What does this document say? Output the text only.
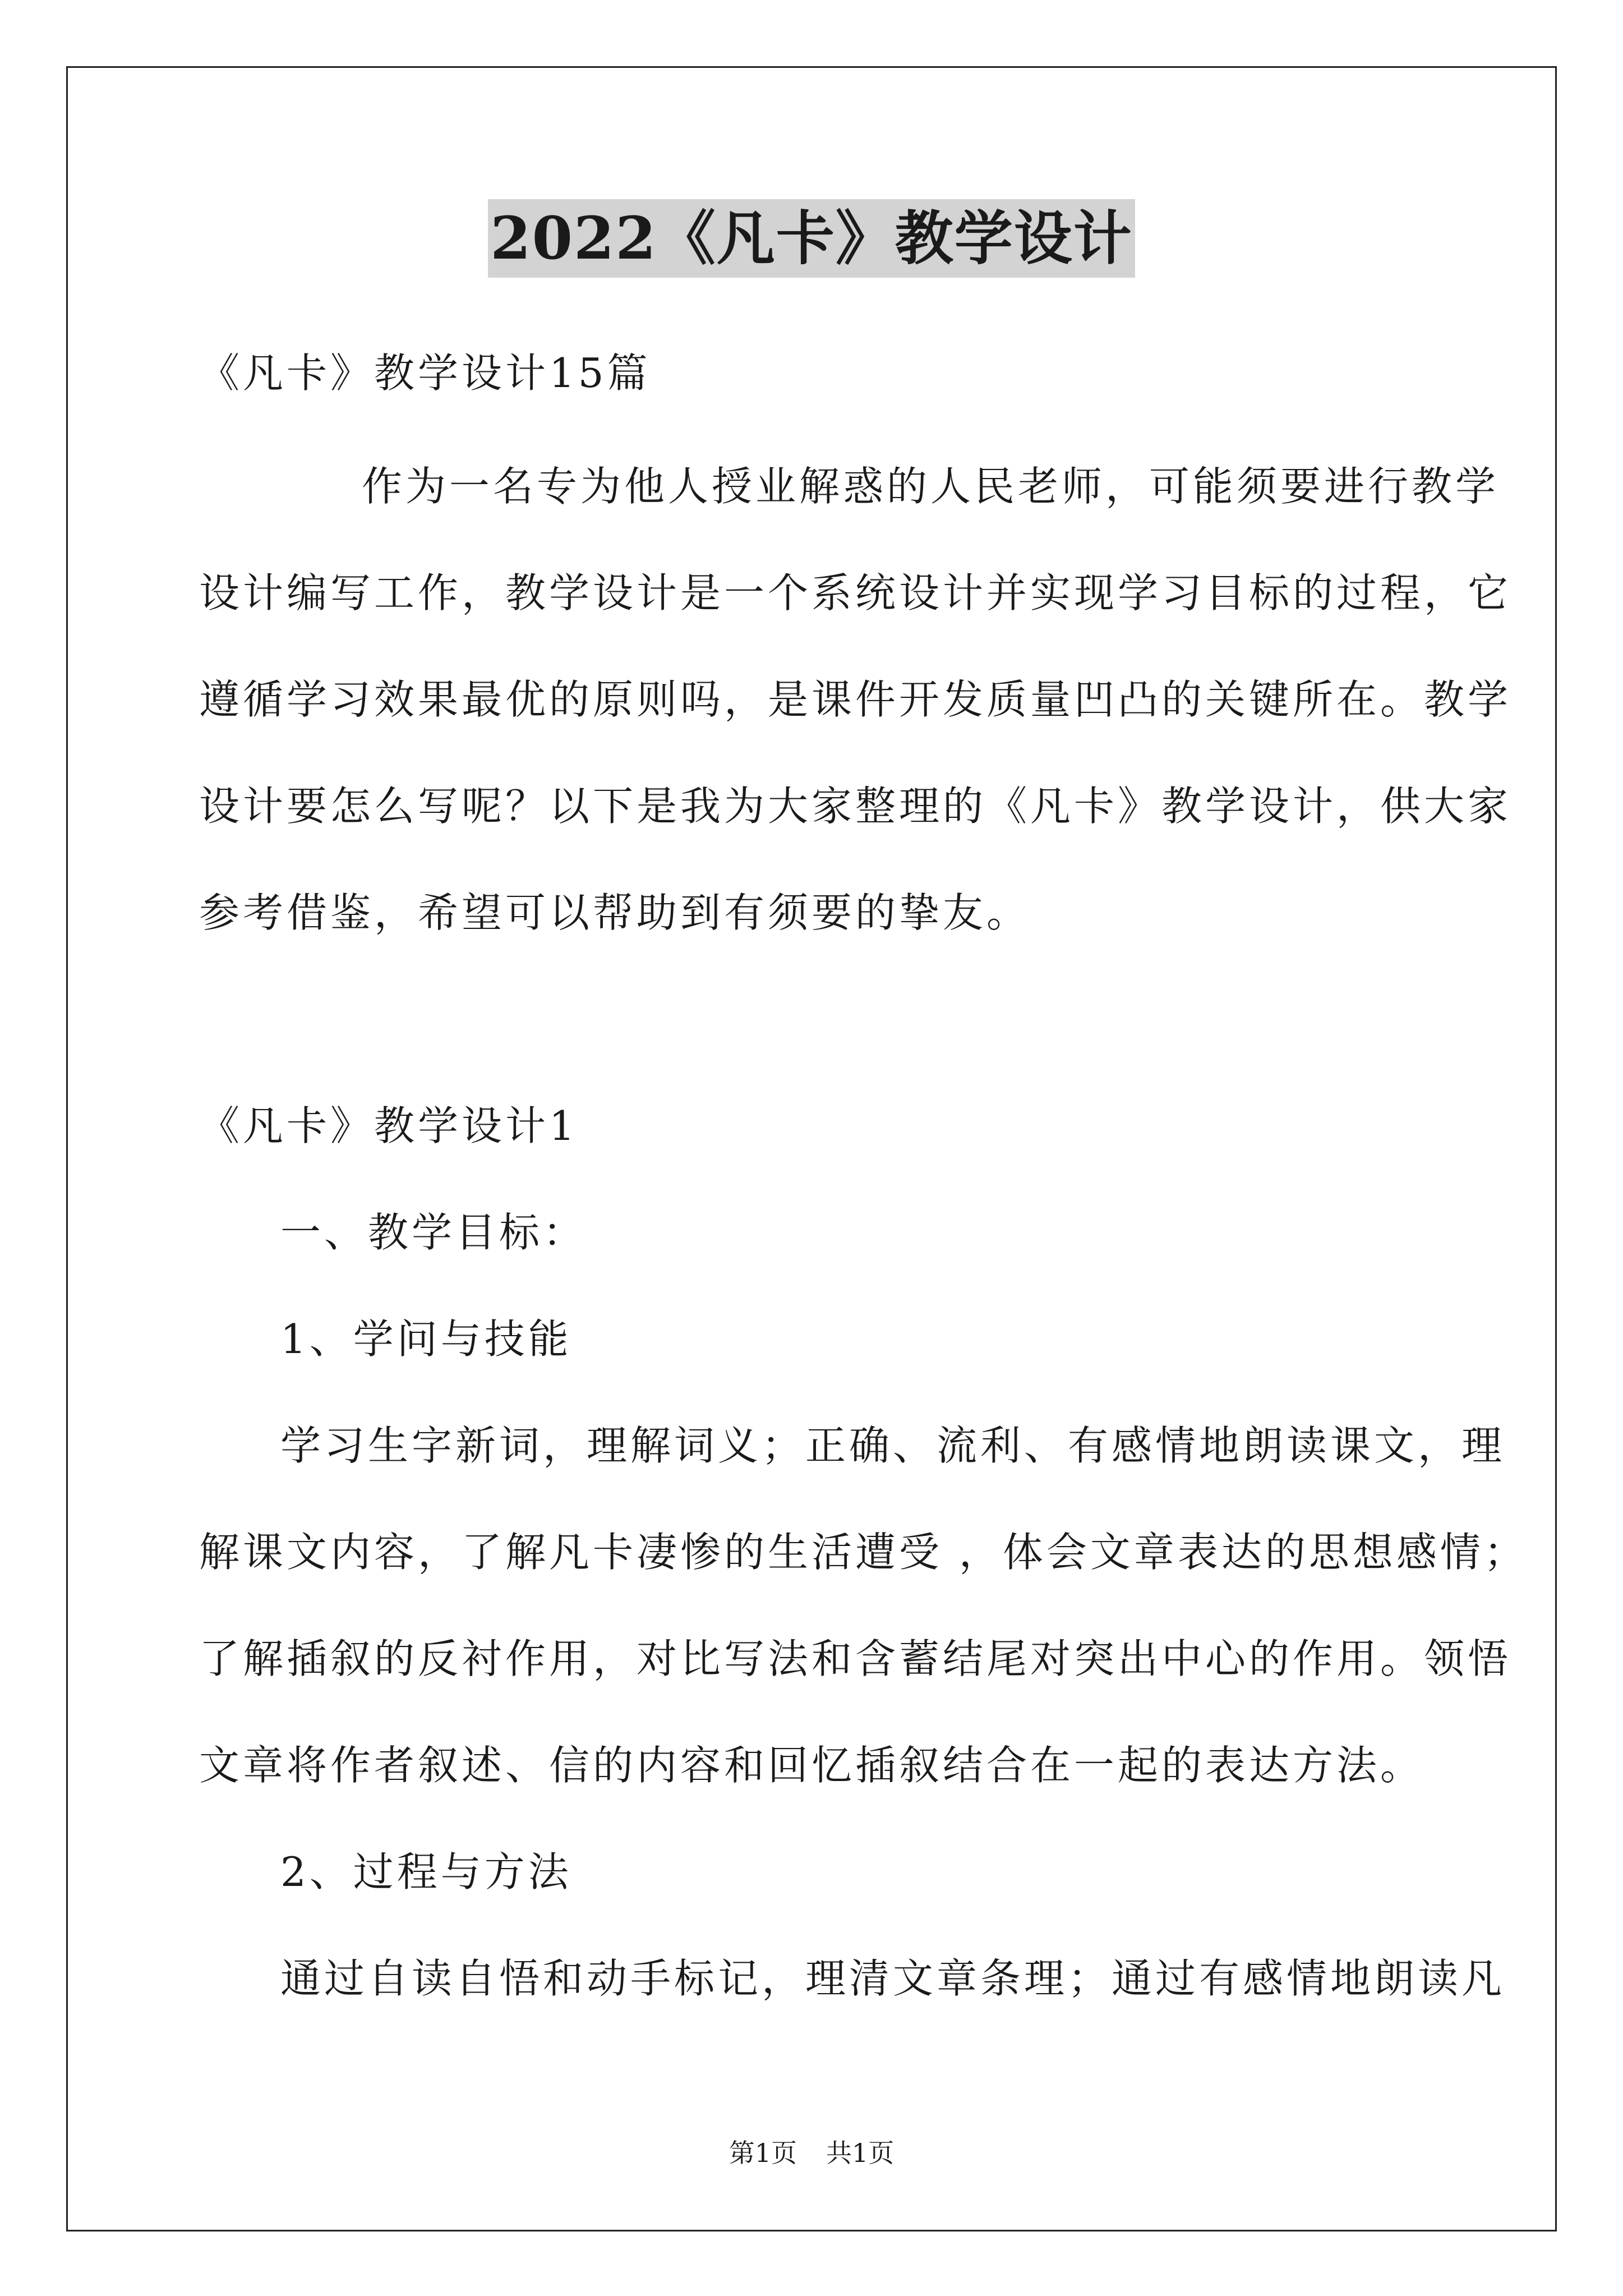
2022《凡卡》教学设计
《凡卡》教学设计15篇
作为一名专为他人授业解惑的人民老师，可能须要进行教学
设计编写工作，教学设计是一个系统设计并实现学习目标的过程，它
遵循学习效果最优的原则吗，是课件开发质量凹凸的关键所在。教学
设计要怎么写呢？以下是我为大家整理的《凡卡》教学设计，供大家
参考借鉴，希望可以帮助到有须要的挚友。
《凡卡》教学设计1
一、教学目标：
1、学问与技能
学习生字新词，理解词义；正确、流利、有感情地朗读课文，理
解课文内容，了解凡卡凄惨的生活遭受 ，体会文章表达的思想感情；
了解插叙的反衬作用，对比写法和含蓄结尾对突出中心的作用。领悟
文章将作者叙述、信的内容和回忆插叙结合在一起的表达方法。
2、过程与方法
通过自读自悟和动手标记，理清文章条理；通过有感情地朗读凡
第1页 共1页
